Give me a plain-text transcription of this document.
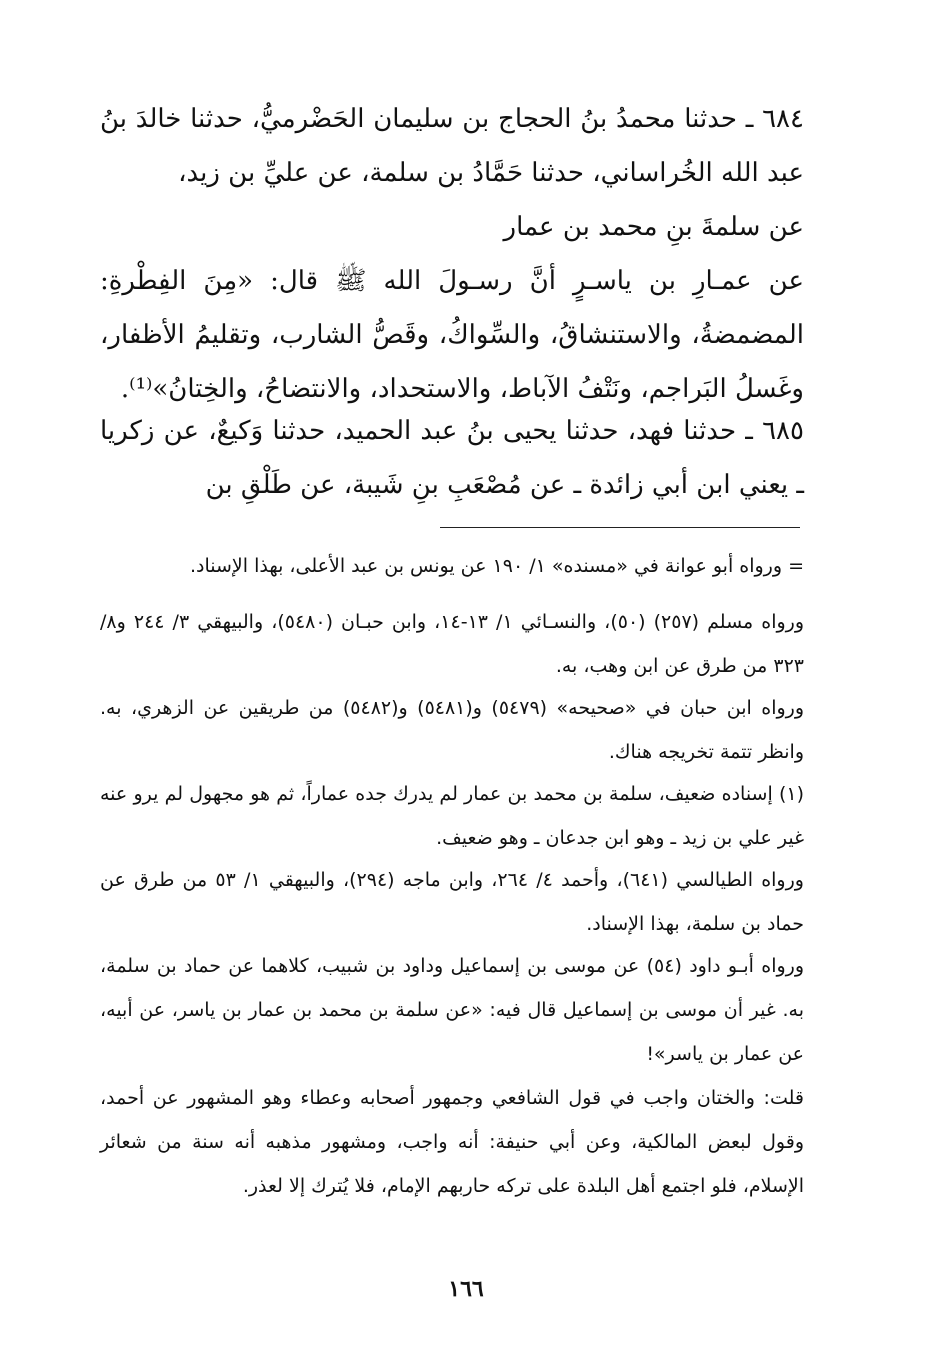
٦٨٤ ـ حدثنا محمدُ بنُ الحجاج بن سليمان الحَضْرميُّ، حدثنا خالدَ بنُ عبد الله الخُراساني، حدثنا حَمَّادُ بن سلمة، عن عليِّ بن زيد،

عن سلمةَ بنِ محمد بن عمار

عن عمـارِ بن ياسـرٍ أنَّ رسـولَ الله ﷺ قال: «مِنَ الفِطْرةِ: المضمضةُ، والاستنشاقُ، والسِّواكُ، وقَصُّ الشارب، وتقليمُ الأظفار، وغَسلُ البَراجم، ونَتْفُ الآباط، والاستحداد، والانتضاحُ، والخِتانُ»⁽¹⁾.

٦٨٥ ـ حدثنا فهد، حدثنا يحيى بنُ عبد الحميد، حدثنا وَكيعٌ، عن زكريا ـ يعني ابن أبي زائدة ـ عن مُصْعَبِ بنِ شَيبة، عن طَلْقِ بن

= ورواه أبو عوانة في «مسنده» ١/ ١٩٠ عن يونس بن عبد الأعلى، بهذا الإسناد.

ورواه مسلم (٢٥٧) (٥٠)، والنسـائي ١/ ١٣-١٤، وابن حبـان (٥٤٨٠)، والبيهقي ٣/ ٢٤٤ و٨/ ٣٢٣ من طرق عن ابن وهب، به.

ورواه ابن حبان في «صحيحه» (٥٤٧٩) و(٥٤٨١) و(٥٤٨٢) من طريقين عن الزهري، به. وانظر تتمة تخريجه هناك.

(١) إسناده ضعيف، سلمة بن محمد بن عمار لم يدرك جده عماراً، ثم هو مجهول لم يرو عنه غير علي بن زيد ـ وهو ابن جدعان ـ وهو ضعيف.

ورواه الطيالسي (٦٤١)، وأحمد ٤/ ٢٦٤، وابن ماجه (٢٩٤)، والبيهقي ١/ ٥٣ من طرق عن حماد بن سلمة، بهذا الإسناد.

ورواه أبـو داود (٥٤) عن موسى بن إسماعيل وداود بن شبيب، كلاهما عن حماد بن سلمة، به. غير أن موسى بن إسماعيل قال فيه: «عن سلمة بن محمد بن عمار بن ياسر، عن أبيه، عن عمار بن ياسر»!

قلت: والختان واجب في قول الشافعي وجمهور أصحابه وعطاء وهو المشهور عن أحمد، وقول لبعض المالكية، وعن أبي حنيفة: أنه واجب، ومشهور مذهبه أنه سنة من شعائر الإسلام، فلو اجتمع أهل البلدة على تركه حاربهم الإمام، فلا يُترك إلا لعذر.

١٦٦
